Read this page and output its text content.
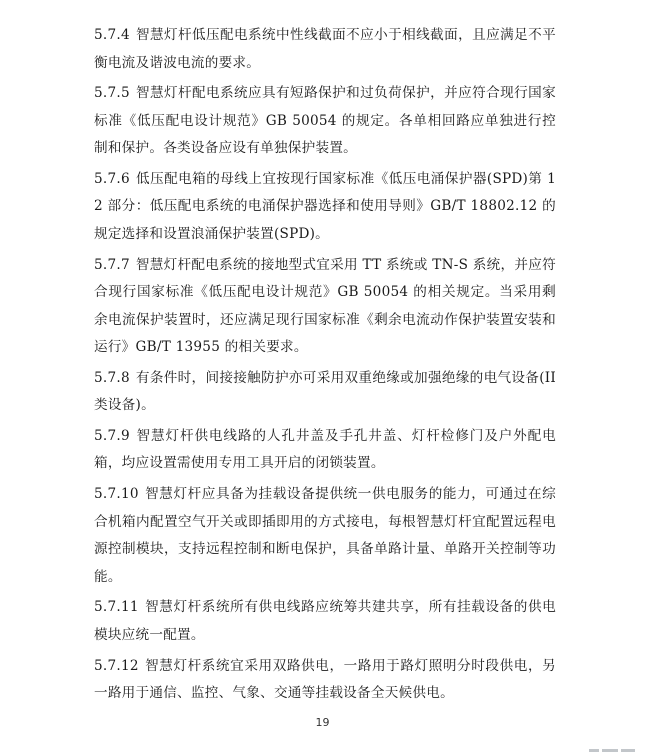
5.7.4 智慧灯杆低压配电系统中性线截面不应小于相线截面，且应满足不平衡电流及谐波电流的要求。

5.7.5 智慧灯杆配电系统应具有短路保护和过负荷保护，并应符合现行国家标准《低压配电设计规范》GB 50054 的规定。各单相回路应单独进行控制和保护。各类设备应设有单独保护装置。

5.7.6 低压配电箱的母线上宜按现行国家标准《低压电涌保护器(SPD)第 12 部分：低压配电系统的电涌保护器选择和使用导则》GB/T 18802.12 的规定选择和设置浪涌保护装置(SPD)。

5.7.7 智慧灯杆配电系统的接地型式宜采用 TT 系统或 TN-S 系统，并应符合现行国家标准《低压配电设计规范》GB 50054 的相关规定。当采用剩余电流保护装置时，还应满足现行国家标准《剩余电流动作保护装置安装和运行》GB/T 13955 的相关要求。

5.7.8 有条件时，间接接触防护亦可采用双重绝缘或加强绝缘的电气设备(II 类设备)。

5.7.9 智慧灯杆供电线路的人孔井盖及手孔井盖、灯杆检修门及户外配电箱，均应设置需使用专用工具开启的闭锁装置。

5.7.10 智慧灯杆应具备为挂载设备提供统一供电服务的能力，可通过在综合机箱内配置空气开关或即插即用的方式接电，每根智慧灯杆宜配置远程电源控制模块，支持远程控制和断电保护，具备单路计量、单路开关控制等功能。

5.7.11 智慧灯杆系统所有供电线路应统筹共建共享，所有挂载设备的供电模块应统一配置。

5.7.12 智慧灯杆系统宜采用双路供电，一路用于路灯照明分时段供电，另一路用于通信、监控、气象、交通等挂载设备全天候供电。

19
